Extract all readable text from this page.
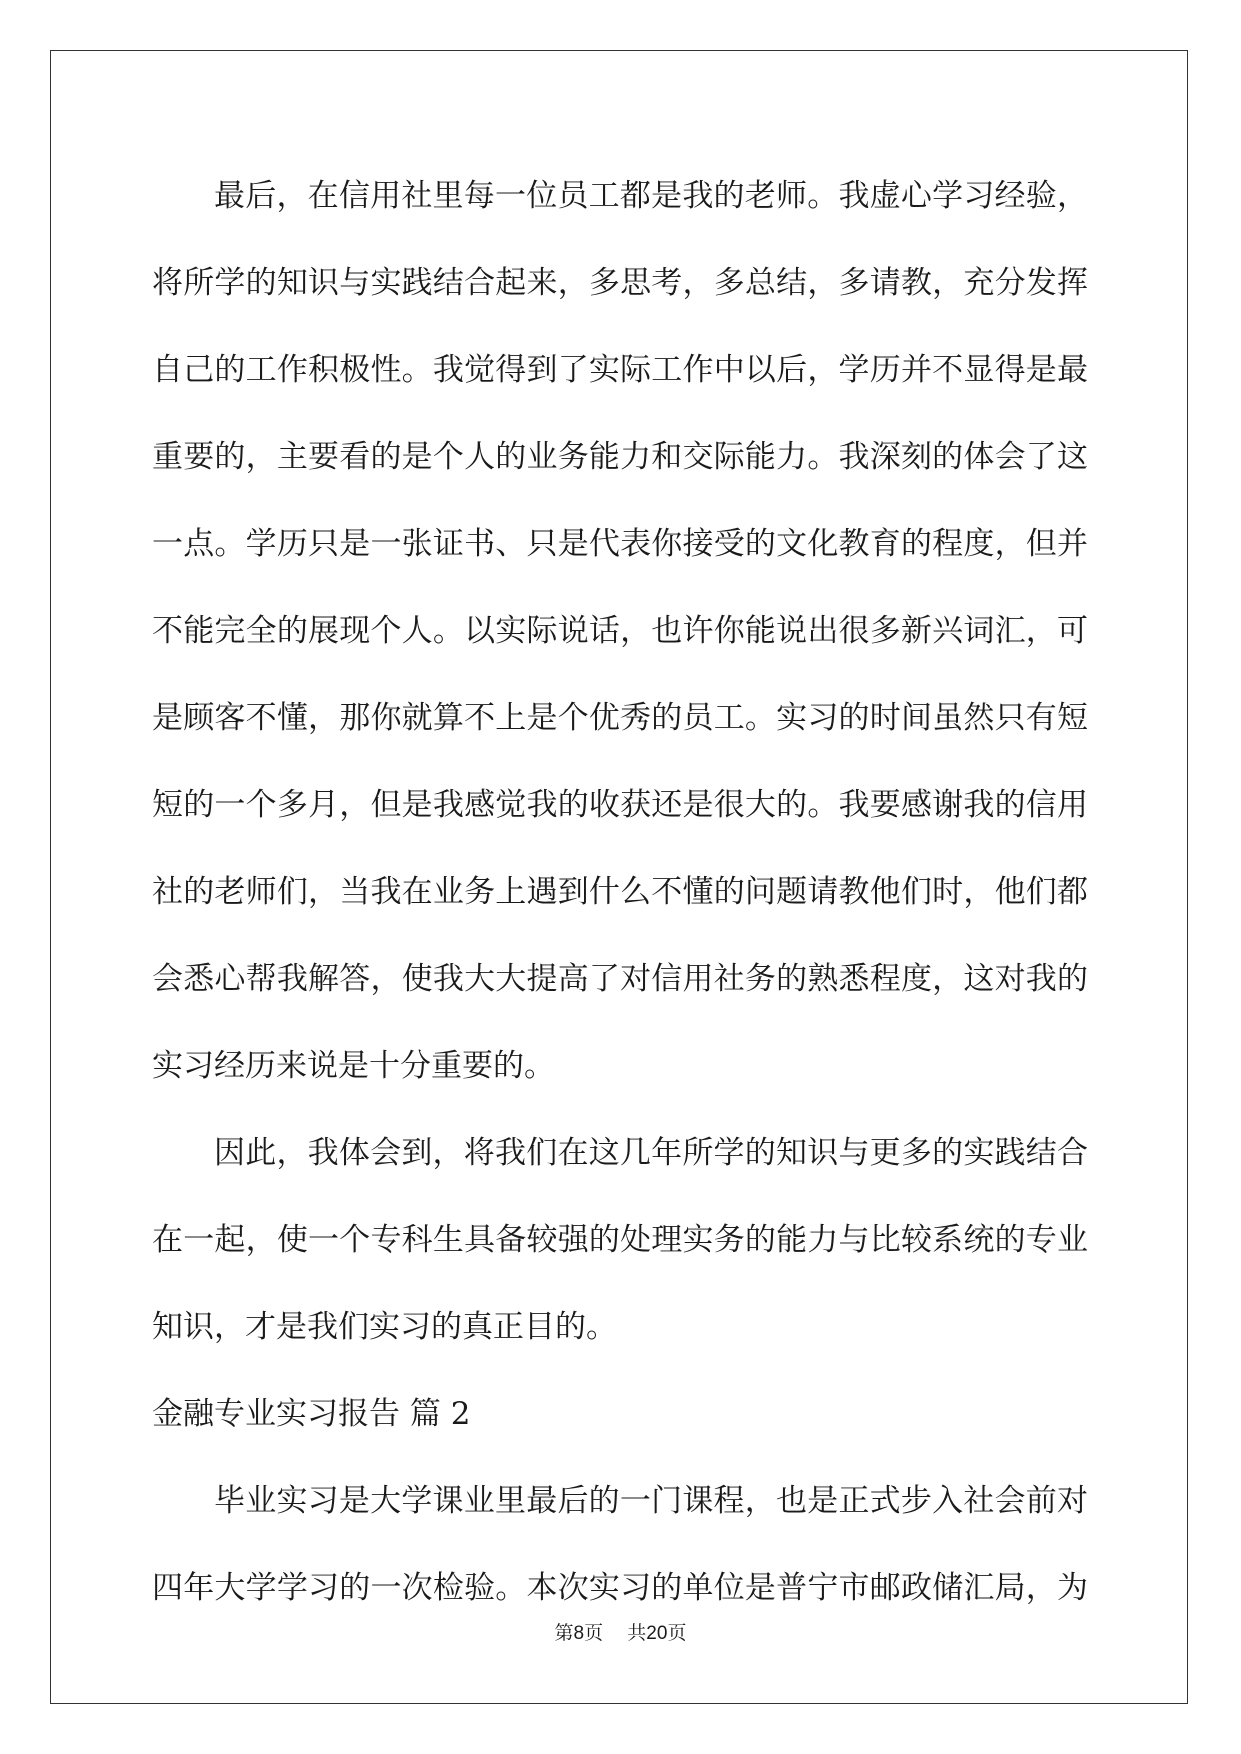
最后，在信用社里每一位员工都是我的老师。我虚心学习经验，
将所学的知识与实践结合起来，多思考，多总结，多请教，充分发挥
自己的工作积极性。我觉得到了实际工作中以后，学历并不显得是最
重要的，主要看的是个人的业务能力和交际能力。我深刻的体会了这
一点。学历只是一张证书、只是代表你接受的文化教育的程度，但并
不能完全的展现个人。以实际说话，也许你能说出很多新兴词汇，可
是顾客不懂，那你就算不上是个优秀的员工。实习的时间虽然只有短
短的一个多月，但是我感觉我的收获还是很大的。我要感谢我的信用
社的老师们，当我在业务上遇到什么不懂的问题请教他们时，他们都
会悉心帮我解答，使我大大提高了对信用社务的熟悉程度，这对我的
实习经历来说是十分重要的。
因此，我体会到，将我们在这几年所学的知识与更多的实践结合
在一起，使一个专科生具备较强的处理实务的能力与比较系统的专业
知识，才是我们实习的真正目的。
金融专业实习报告 篇 2
毕业实习是大学课业里最后的一门课程，也是正式步入社会前对
四年大学学习的一次检验。本次实习的单位是普宁市邮政储汇局，为
第8页    共20页
